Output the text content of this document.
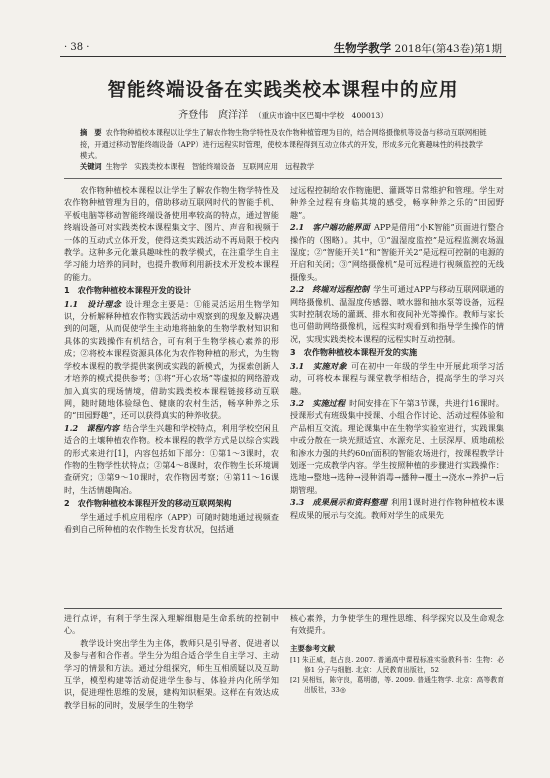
· 38 ·	生物学教学 2018年(第43卷)第1期
智能终端设备在实践类校本课程中的应用
齐登伟　庹洋洋 （重庆市渝中区巴蜀中学校　400013）
摘　要 农作物种植校本课程以让学生了解农作物生物学特性及农作物种植管理为目的，结合网络摄像机等设备与移动互联网相链接，开通过移动智能终端设备（APP）进行远程实时管理，使校本课程得到互动立体式的开发，形成多元化赛趣味性的科技教学模式。
关键词 生物学　实践类校本课程　智能终端设备　互联网应用　远程教学

农作物种植校本课程以让学生了解农作物生物学特性及农作物种植管理为目的，借助移动互联网时代的智能手机、平板电脑等移动智能终端设备使用率较高的特点，通过智能终端设备可对实践类校本课程集文字、图片、声音和视频于一体的互动式立体开发，使得这类实践活动不再局限于校内教学。这种多元化兼具趣味性的教学模式，在注重学生自主学习能力培养的同时，也提升教师利用新技术开发校本课程的能力。

1　农作物种植校本课程开发的设计

1.1　设计理念 设计理念主要是：①能灵活运用生物学知识，分析解释种植农作物实践活动中观察到的现象及解决遇到的问题，从而促使学生主动地将抽象的生物学教材知识和具体的实践操作有机结合，可有利于生物学核心素养的形成；②将校本课程资源具体化为农作物种植的形式，为生物学校本课程的教学提供案例或实践的新模式，为探索创新人才培养的模式提供参考；③将“开心农场”等虚拟的网络游戏加入真实的现场情境，借助实践类校本课程链接移动互联网，随时随地体验绿色、健康的农村生活，畅享种养之乐的“田园野趣”，还可以获得真实的种养收获。

1.2　课程内容 结合学生兴趣和学校特点，利用学校空闲且适合的土壤种植农作物。校本课程的教学方式是以综合实践的形式来进行[1]，内容包括如下部分：①第1～3课时，农作物的生物学性状特点；②第4～8课时，农作物生长环境调查研究；③第9～10课时，农作物因考察；④第11～16课时，生活情趣陶冶。

2　农作物种植校本课程开发的移动互联网架构

学生通过手机应用程序（APP）可随时随地通过视频查看到自己所种植的农作物生长发育状况，包括通

过远程控制给农作物施肥、灌溉等日常维护和管理。学生对种养全过程有身临其境的感受，畅享种养之乐的“田园野趣”。

2.1　客户端功能界面 APP是借用“小K智能”页面进行整合操作的（图略）。其中，①“温湿度监控”是远程监测农场温湿度；②“智能开关1”和“智能开关2”是远程可控制的电源的开启和关闭；③“网络摄像机”是可远程进行视频监控的无线摄像头。

2.2　终端对远程控制 学生可通过APP与移动互联网联通的网络摄像机、温湿度传感器、喷水器和抽水泵等设备，远程实时控制农场的灌溉、排水和夜间补光等操作。教师与家长也可借助网络摄像机，远程实时观看到和指导学生操作的情况，实现实践类校本课程的远程实时互动控制。

3　农作物种植校本课程开发的实施

3.1　实施对象 可在初中一年级的学生中开展此项学习活动，可将校本课程与课堂教学相结合，提高学生的学习兴趣。

3.2　实施过程 时间安排在下午第3节课，共进行16课时。授课形式有班级集中授课、小组合作讨论、活动过程体验和产品相互交流。理论课集中在生物学实验室进行，实践课集中或分散在一块光照适宜、水源充足、土层深厚、质地疏松和渗水力强的共约60㎡面积的智能农场进行，按课程教学计划逐一完成教学内容。学生按照种植的步骤进行实践操作：选地→整地→选种→浸种消毒→播种→覆土→浇水→养护→后期管理。

3.3　成果展示和资料整理 利用1课时进行作物种植校本课程成果的展示与交流。教师对学生的成果先

进行点评，有利于学生深入理解细胞是生命系统的控制中心。

教学设计突出学生为主体，教师只是引导者、促进者以及参与者和合作者。学生分为组合适合学生自主学习、主动学习的情景和方法。通过分组探究，师生互相质疑以及互助互学，模型构建等活动促进学生参与、体验并内化所学知识，促进理性思维的发展，建构知识框架。这样在有效达成教学目标的同时，发展学生的生物学

核心素养，力争使学生的理性思维、科学探究以及生命观念有效提升。

主要参考文献
[1] 朱正威，赵占良. 2007. 普通高中课程标准实验教科书：生物：必修1 分子与细胞. 北京：人民教育出版社，52
[2] 吴相钰，陈守良，葛明德，等. 2009. 普通生物学. 北京：高等教育出版社，33◎
